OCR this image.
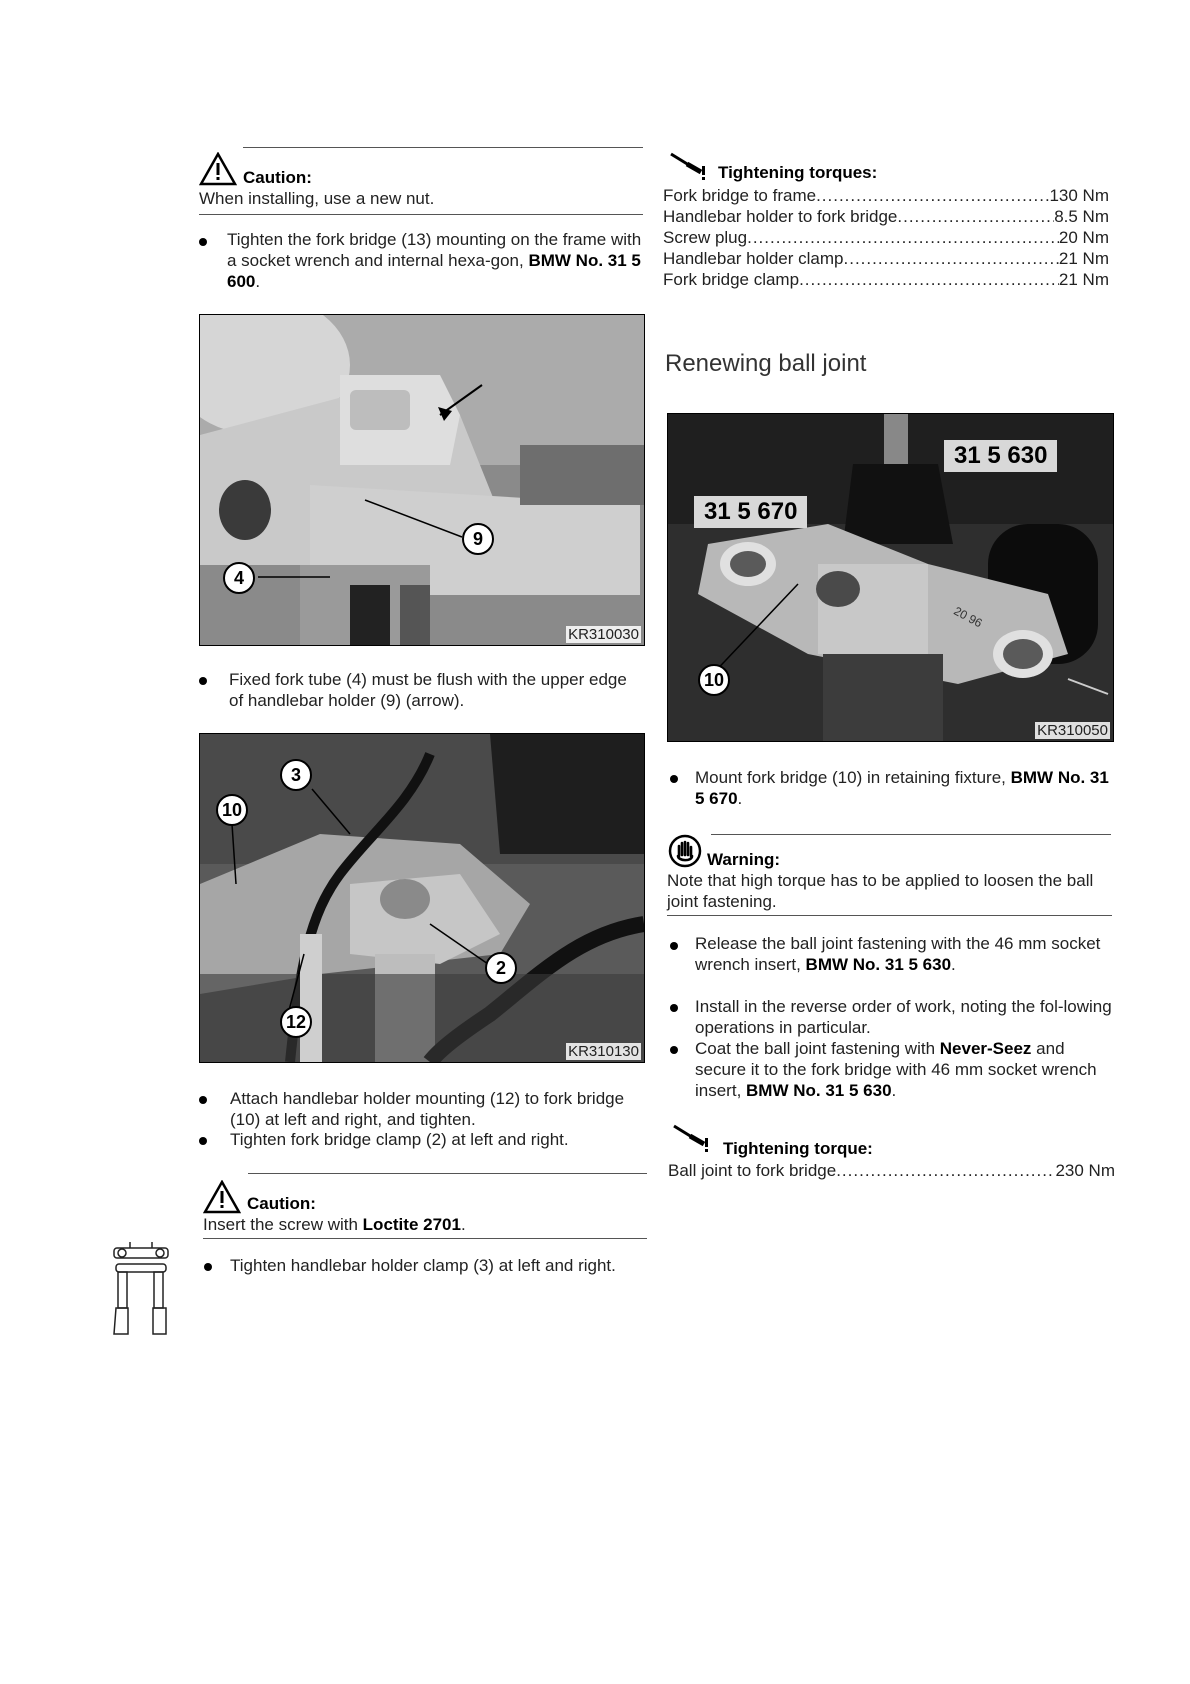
Caution:
When installing, use a new nut.
Tighten the fork bridge (13) mounting on the frame with a socket wrench and internal hexa-gon, BMW No. 31 5 600.
9
4
KR310030
Fixed fork tube (4) must be flush with the upper edge of handlebar holder (9) (arrow).
3
10
2
12
KR310130
Attach handlebar holder mounting (12) to fork bridge (10) at left and right, and tighten.
Tighten fork bridge clamp (2) at left and right.
Caution:
Insert the screw with Loctite 2701.
Tighten handlebar holder clamp (3) at left and right.
Tightening torques:
Fork bridge to frame .....	130 Nm
Handlebar holder to fork bridge .....	8.5 Nm
Screw plug .....	20 Nm
Handlebar holder clamp .....	21 Nm
Fork bridge clamp .....	21 Nm
Renewing ball joint
31 5 630
31 5 670
20 96
10
KR310050
Mount fork bridge (10) in retaining fixture, BMW No. 31 5 670.
Warning:
Note that high torque has to be applied to loosen the ball joint fastening.
Release the ball joint fastening with the 46 mm socket wrench insert, BMW No. 31 5 630.
Install in the reverse order of work, noting the fol-lowing operations in particular.
Coat the ball joint fastening with Never-Seez and secure it to the fork bridge with 46 mm socket wrench insert, BMW No. 31 5 630.
Tightening torque:
Ball joint to fork bridge .....	230 Nm
